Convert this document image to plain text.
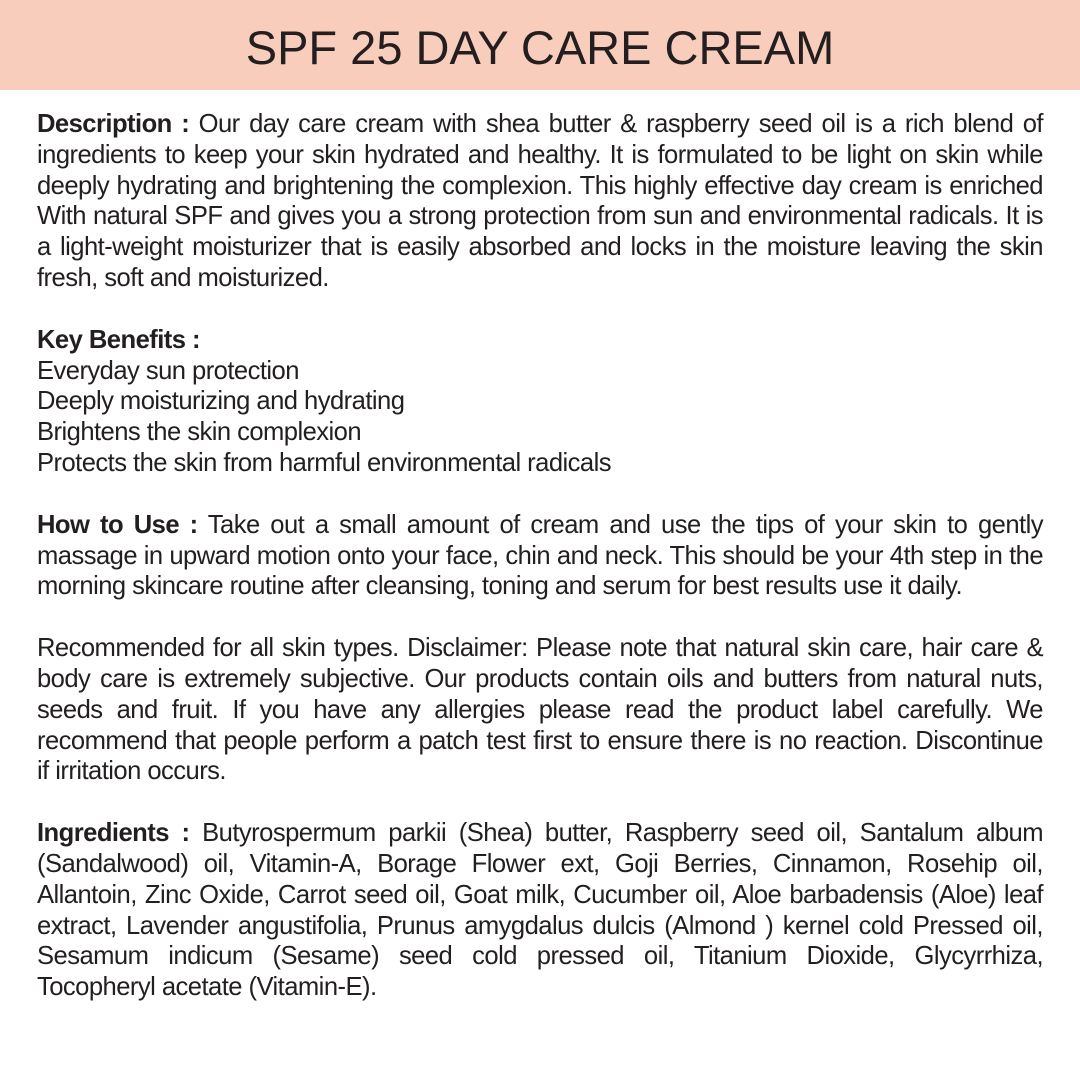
SPF 25 DAY CARE CREAM

Description : Our day care cream with shea butter & raspberry seed oil is a rich blend of ingredients to keep your skin hydrated and healthy. It is formulated to be light on skin while deeply hydrating and brightening the complexion. This highly effective day cream is enriched With natural SPF and gives you a strong protection from sun and environmental radicals. It is a light-weight moisturizer that is easily absorbed and locks in the moisture leaving the skin fresh, soft and moisturized.

Key Benefits :

Everyday sun protection

Deeply moisturizing and hydrating

Brightens the skin complexion

Protects the skin from harmful environmental radicals

How to Use : Take out a small amount of cream and use the tips of your skin to gently massage in upward motion onto your face, chin and neck. This should be your 4th step in the morning skincare routine after cleansing, toning and serum for best results use it daily.

Recommended for all skin types. Disclaimer: Please note that natural skin care, hair care & body care is extremely subjective. Our products contain oils and butters from natural nuts, seeds and fruit. If you have any allergies please read the product label carefully. We recommend that people perform a patch test first to ensure there is no reaction. Discontinue if irritation occurs.

Ingredients : Butyrospermum parkii (Shea) butter, Raspberry seed oil, Santalum album (Sandalwood) oil, Vitamin-A, Borage Flower ext, Goji Berries, Cinnamon, Rosehip oil, Allantoin, Zinc Oxide, Carrot seed oil, Goat milk, Cucumber oil, Aloe barbadensis (Aloe) leaf extract, Lavender angustifolia, Prunus amygdalus dulcis (Almond ) kernel cold Pressed oil, Sesamum indicum (Sesame) seed cold pressed oil, Titanium Dioxide, Glycyrrhiza, Tocopheryl acetate (Vitamin-E).
